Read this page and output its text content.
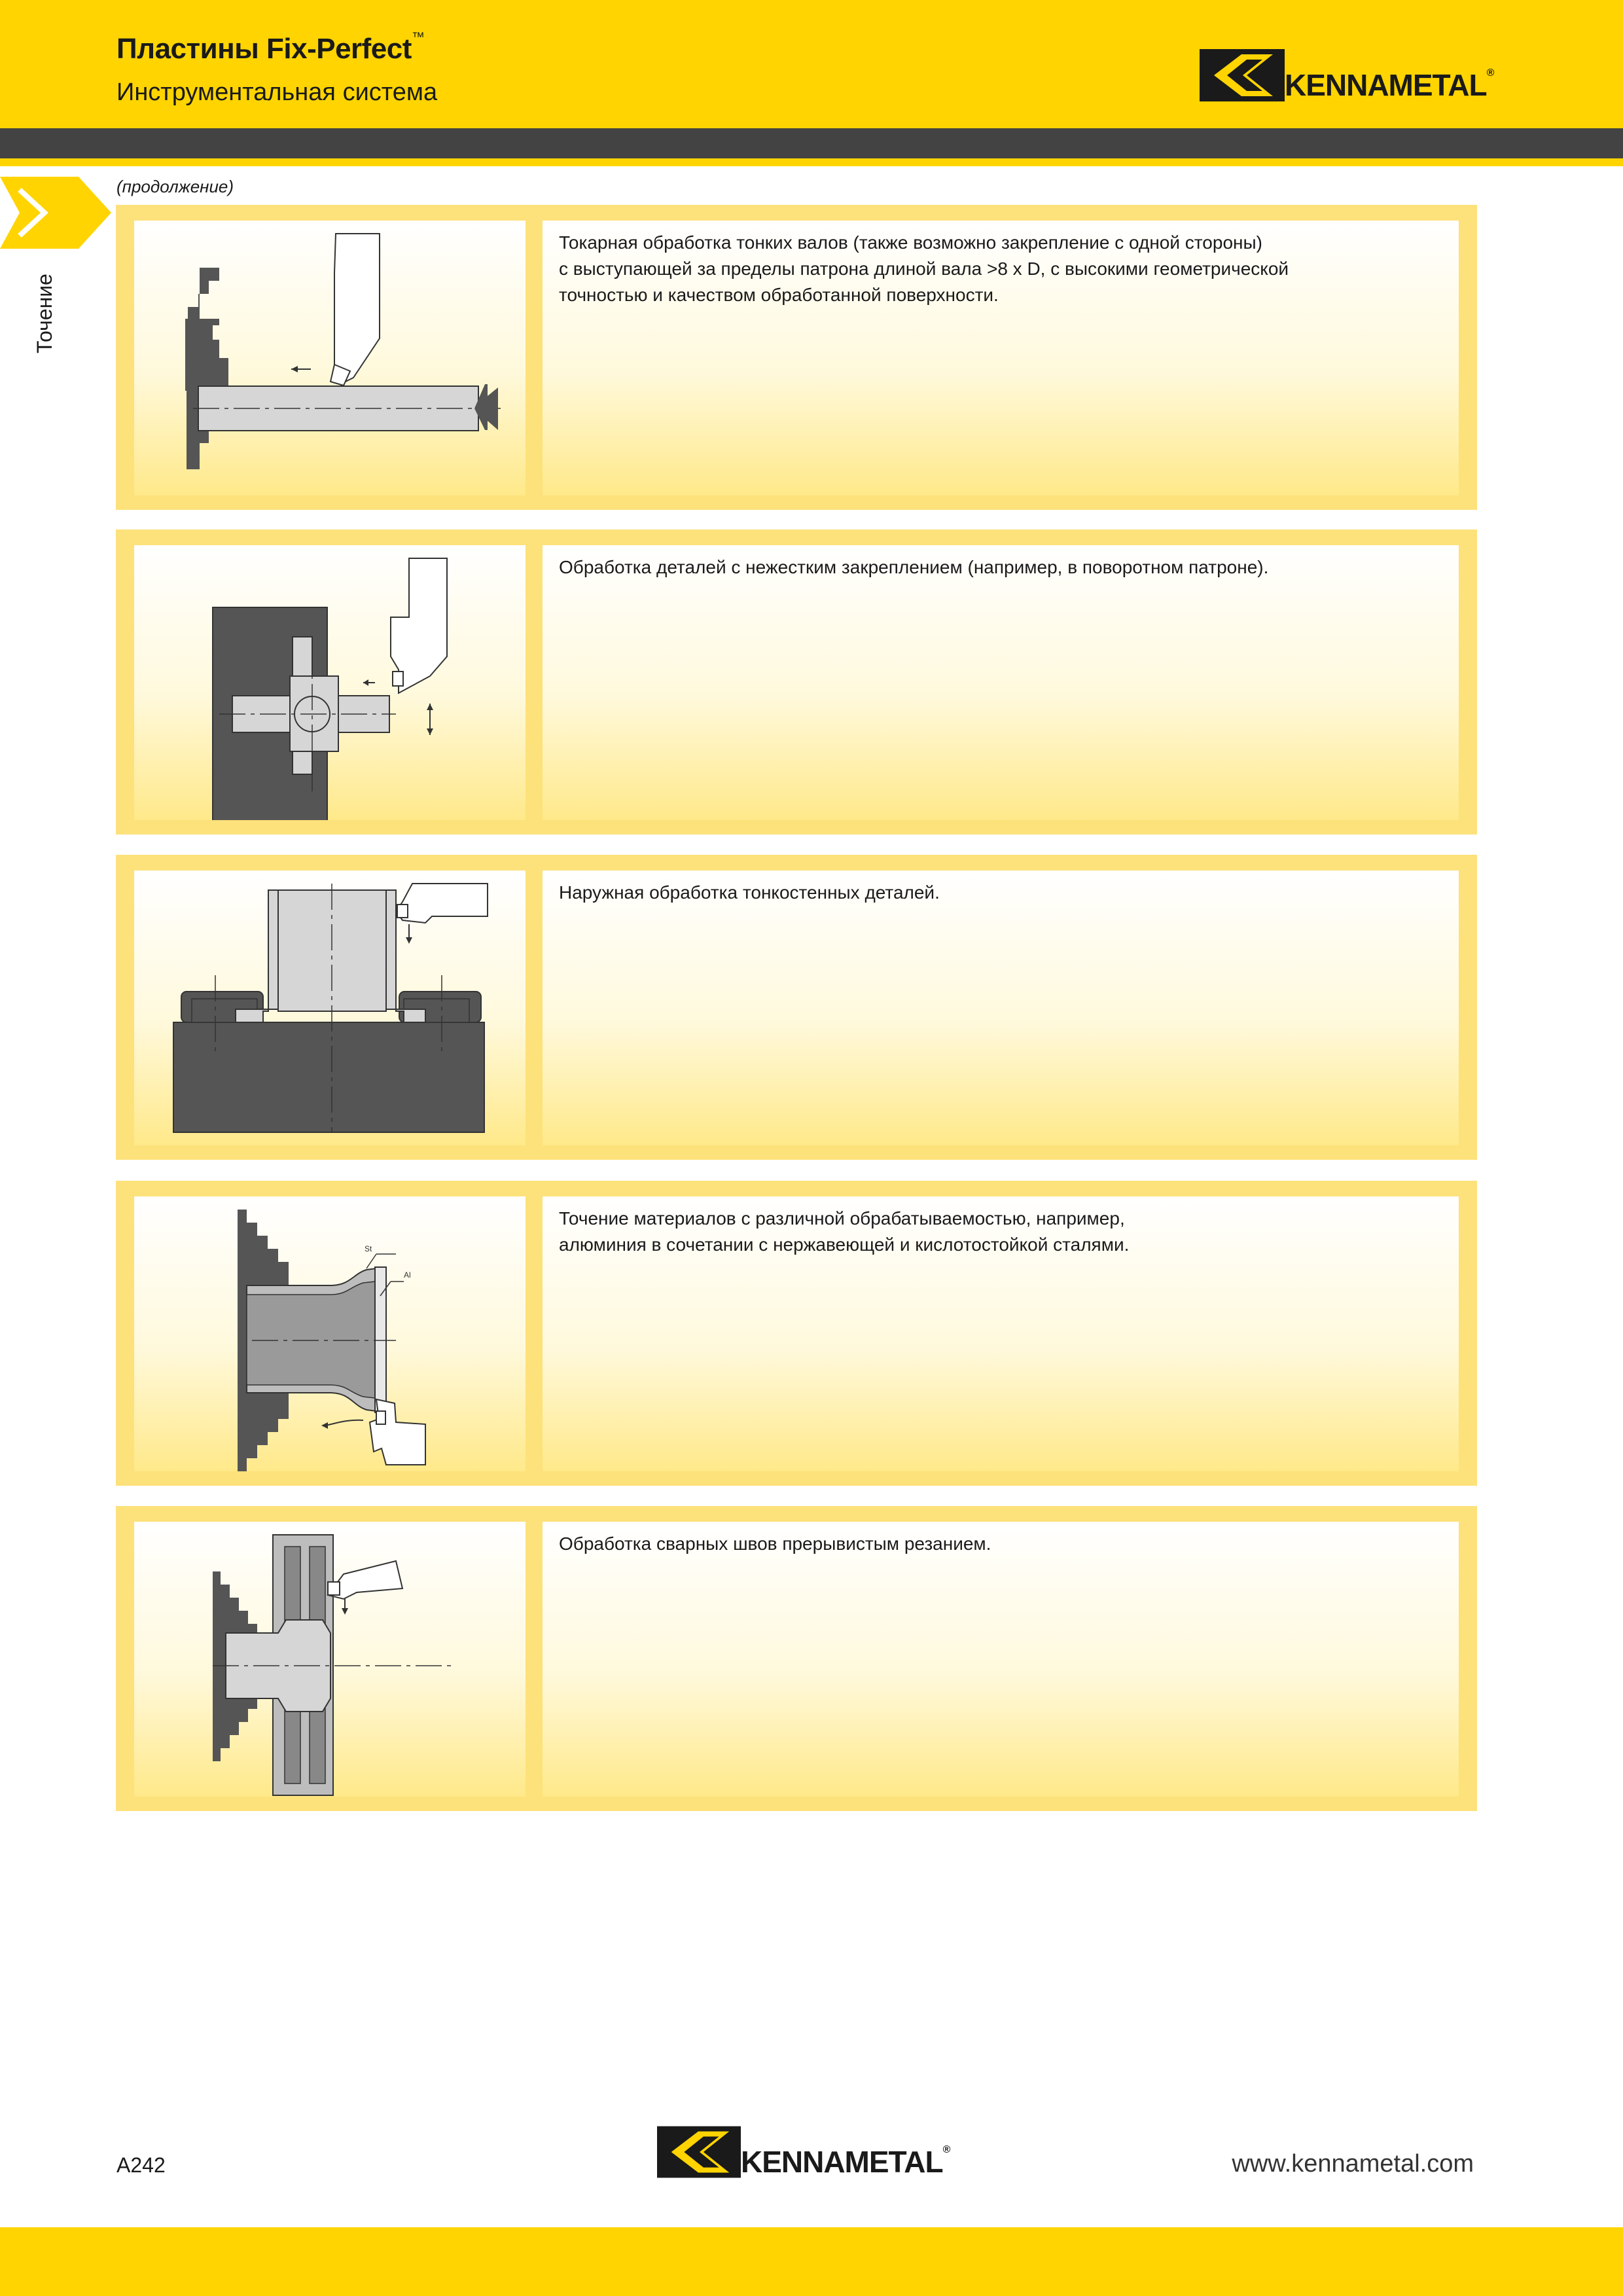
Пластины Fix-Perfect™
Инструментальная система	KENNAMETAL®
Точение
(продолжение)
Токарная обработка тонких валов (также возможно закрепление с одной стороны)
с выступающей за пределы патрона длиной вала >8 x D, с высокими геометрической
точностью и качеством обработанной поверхности.
Обработка деталей с нежестким закреплением (например, в поворотном патроне).
Наружная обработка тонкостенных деталей.
St
Al
Точение материалов с различной обрабатываемостью, например,
алюминия в сочетании с нержавеющей и кислотостойкой сталями.
Обработка сварных швов прерывистым резанием.
A242	KENNAMETAL®
www.kennametal.com
